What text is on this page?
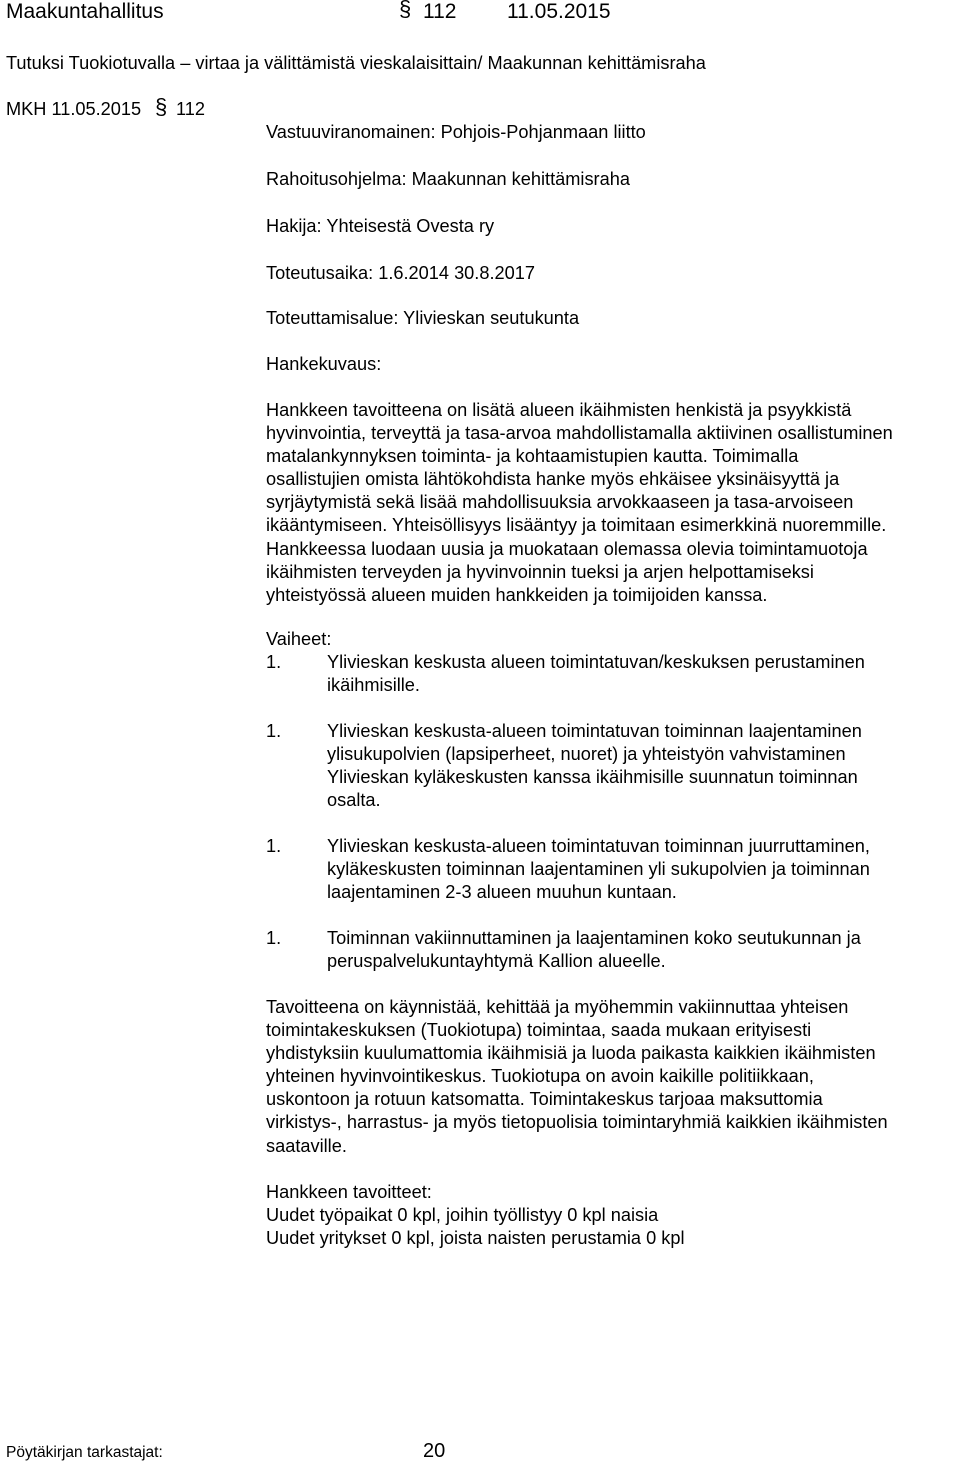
Maakuntahallitus	§ 112 11.05.2015
Tutuksi Tuokiotuvalla – virtaa ja välittämistä vieskalaisittain/ Maakunnan kehittämisraha
MKH 11.05.2015 § 112
Vastuuviranomainen: Pohjois-Pohjanmaan liitto
Rahoitusohjelma: Maakunnan kehittämisraha
Hakija: Yhteisestä Ovesta ry
Toteutusaika: 1.6.2014 30.8.2017
Toteuttamisalue: Ylivieskan seutukunta
Hankekuvaus:
Hankkeen tavoitteena on lisätä alueen ikäihmisten henkistä ja psyykkistä
hyvinvointia, terveyttä ja tasa-arvoa mahdollistamalla aktiivinen osallistuminen
matalankynnyksen toiminta- ja kohtaamistupien kautta. Toimimalla
osallistujien omista lähtökohdista hanke myös ehkäisee yksinäisyyttä ja
syrjäytymistä sekä lisää mahdollisuuksia arvokkaaseen ja tasa-arvoiseen
ikääntymiseen. Yhteisöllisyys lisääntyy ja toimitaan esimerkkinä nuoremmille.
Hankkeessa luodaan uusia ja muokataan olemassa olevia toimintamuotoja
ikäihmisten terveyden ja hyvinvoinnin tueksi ja arjen helpottamiseksi
yhteistyössä alueen muiden hankkeiden ja toimijoiden kanssa.
Vaiheet:
1.	Ylivieskan keskusta alueen toimintatuvan/keskuksen perustaminen
ikäihmisille.
1.	Ylivieskan keskusta-alueen toimintatuvan toiminnan laajentaminen
ylisukupolvien (lapsiperheet, nuoret) ja yhteistyön vahvistaminen
Ylivieskan kyläkeskusten kanssa ikäihmisille suunnatun toiminnan
osalta.
1.	Ylivieskan keskusta-alueen toimintatuvan toiminnan juurruttaminen,
kyläkeskusten toiminnan laajentaminen yli sukupolvien ja toiminnan
laajentaminen 2-3 alueen muuhun kuntaan.
1.	Toiminnan vakiinnuttaminen ja laajentaminen koko seutukunnan ja
peruspalvelukuntayhtymä Kallion alueelle.
Tavoitteena on käynnistää, kehittää ja myöhemmin vakiinnuttaa yhteisen
toimintakeskuksen (Tuokiotupa) toimintaa, saada mukaan erityisesti
yhdistyksiin kuulumattomia ikäihmisiä ja luoda paikasta kaikkien ikäihmisten
yhteinen hyvinvointikeskus. Tuokiotupa on avoin kaikille politiikkaan,
uskontoon ja rotuun katsomatta. Toimintakeskus tarjoaa maksuttomia
virkistys-, harrastus- ja myös tietopuolisia toimintaryhmiä kaikkien ikäihmisten
saataville.
Hankkeen tavoitteet:
Uudet työpaikat 0 kpl, joihin työllistyy 0 kpl naisia
Uudet yritykset 0 kpl, joista naisten perustamia 0 kpl
Pöytäkirjan tarkastajat:	20
